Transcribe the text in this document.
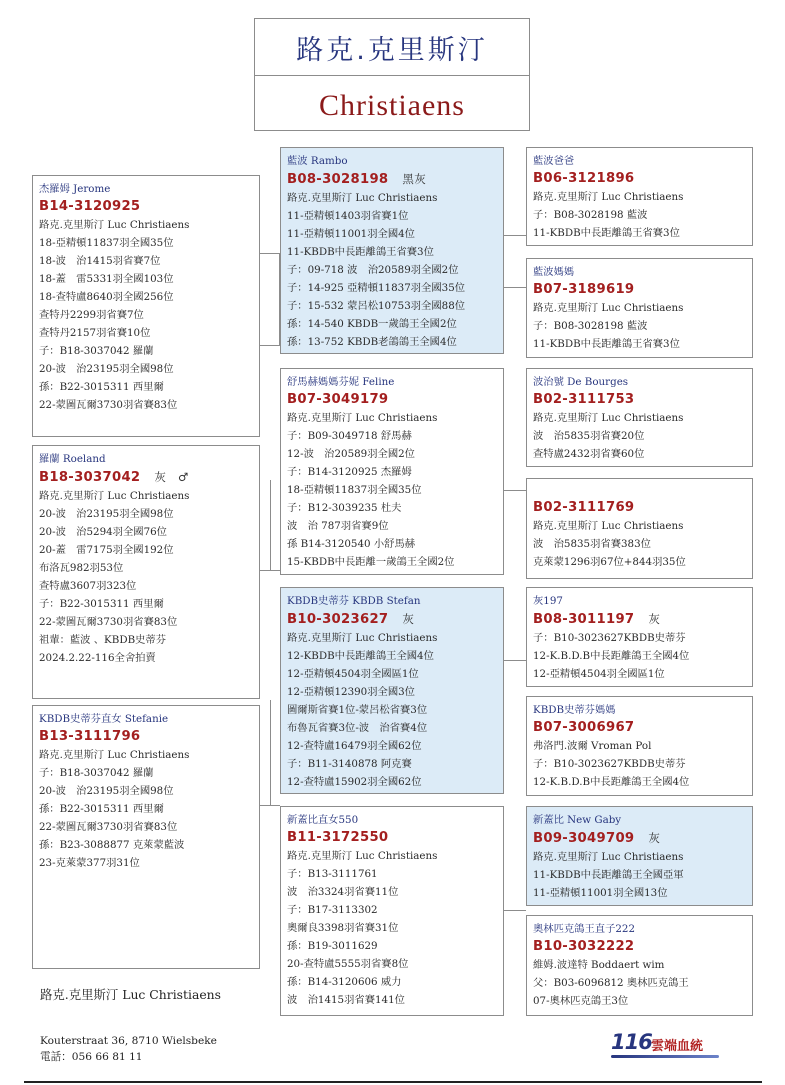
路克.克里斯汀
Christiaens
杰羅姆 Jerome
B14-3120925
路克.克里斯汀 Luc Christiaens
18-亞精頓11837羽全國35位
18-波　治1415羽省賽7位
18-蓋　雷5331羽全國103位
18-查特盧8640羽全國256位
查特丹2299羽省賽7位
查特丹2157羽省賽10位
子：B18-3037042 羅蘭
20-波　治23195羽全國98位
孫：B22-3015311 西里爾
22-蒙圖瓦爾3730羽省賽83位
羅蘭 Roeland
B18-3037042 灰　♂
路克.克里斯汀 Luc Christiaens
20-波　治23195羽全國98位
20-波　治5294羽全國76位
20-蓋　雷7175羽全國192位
布洛瓦982羽53位
查特盧3607羽323位
子：B22-3015311 西里爾
22-蒙圖瓦爾3730羽省賽83位
祖輩：藍波 、KBDB史蒂芬
2024.2.22-116全舍拍賣
KBDB史蒂芬直女 Stefanie
B13-3111796
路克.克里斯汀 Luc Christiaens
子：B18-3037042 羅蘭
20-波　治23195羽全國98位
孫：B22-3015311 西里爾
22-蒙圖瓦爾3730羽省賽83位
孫：B23-3088877 克萊蒙藍波
23-克萊蒙377羽31位
藍波 Rambo
B08-3028198 黑灰
路克.克里斯汀 Luc Christiaens
11-亞精頓1403羽省賽1位
11-亞精頓11001羽全國4位
11-KBDB中長距離鴿王省賽3位
子：09-718 波　治20589羽全國2位
子：14-925 亞精頓11837羽全國35位
子：15-532 蒙呂松10753羽全國88位
孫：14-540 KBDB一歲鴿王全國2位
孫：13-752 KBDB老鴿鴿王全國4位
舒馬赫媽媽芬妮 Feline
B07-3049179
路克.克里斯汀 Luc Christiaens
子：B09-3049718 舒馬赫
12-波　治20589羽全國2位
子：B14-3120925 杰羅姆
18-亞精頓11837羽全國35位
子：B12-3039235 杜夫
波　治 787羽省賽9位
孫 B14-3120540 小舒馬赫
15-KBDB中長距離一歲鴿王全國2位
KBDB史蒂芬 KBDB Stefan
B10-3023627 灰
路克.克里斯汀 Luc Christiaens
12-KBDB中長距離鴿王全國4位
12-亞精頓4504羽全國區1位
12-亞精頓12390羽全國3位
圖爾斯省賽1位-蒙呂松省賽3位
布魯瓦省賽3位-波　治省賽4位
12-查特盧16479羽全國62位
子：B11-3140878 阿克賽
12-查特盧15902羽全國62位
新蓋比直女550
B11-3172550
路克.克里斯汀 Luc Christiaens
子：B13-3111761
波　治3324羽省賽11位
子：B17-3113302
奧爾良3398羽省賽31位
孫：B19-3011629
20-查特盧5555羽省賽8位
孫：B14-3120606 威力
波　治1415羽省賽141位
藍波爸爸
B06-3121896
路克.克里斯汀 Luc Christiaens
子：B08-3028198 藍波
11-KBDB中長距離鴿王省賽3位
藍波媽媽
B07-3189619
路克.克里斯汀 Luc Christiaens
子：B08-3028198 藍波
11-KBDB中長距離鴿王省賽3位
波治號 De Bourges
B02-3111753
路克.克里斯汀 Luc Christiaens
波　治5835羽省賽20位
查特盧2432羽省賽60位
B02-3111769
路克.克里斯汀 Luc Christiaens
波　治5835羽省賽383位
克萊蒙1296羽67位+844羽35位
灰197
B08-3011197 灰
子：B10-3023627KBDB史蒂芬
12-K.B.D.B中長距離鴿王全國4位
12-亞精頓4504羽全國區1位
KBDB史蒂芬媽媽
B07-3006967
弗洛門.波爾 Vroman Pol
子：B10-3023627KBDB史蒂芬
12-K.B.D.B中長距離鴿王全國4位
新蓋比 New Gaby
B09-3049709 灰
路克.克里斯汀 Luc Christiaens
11-KBDB中長距離鴿王全國亞軍
11-亞精頓11001羽全國13位
奧林匹克鴿王直子222
B10-3032222
維姆.波達特 Boddaert wim
父：B03-6096812 奧林匹克鴿王
07-奧林匹克鴿王3位
路克.克里斯汀 Luc Christiaens
Kouterstraat 36, 8710 Wielsbeke
電話：056 66 81 11
116 雲端血統
